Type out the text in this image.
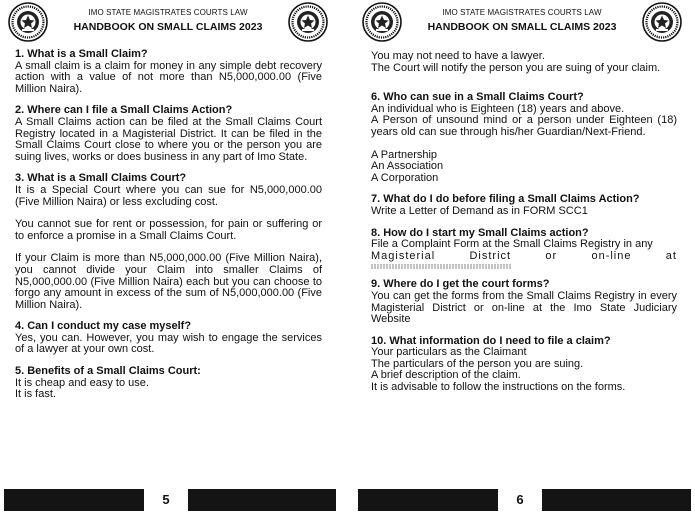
IMO STATE MAGISTRATES COURTS LAW
HANDBOOK ON SMALL CLAIMS 2023
1. What is a Small Claim?
A small claim is a claim for money in any simple debt recovery action with a value of not more than N5,000,000.00 (Five Million Naira).
2. Where can I file a Small Claims Action?
A Small Claims action can be filed at the Small Claims Court Registry located in a Magisterial District. It can be filed in the Small Claims Court close to where you or the person you are suing lives, works or does business in any part of Imo State.
3. What is a Small Claims Court?
It is a Special Court where you can sue for N5,000,000.00 (Five Million Naira) or less excluding cost.
You cannot sue for rent or possession, for pain or suffering or to enforce a promise in a Small Claims Court.
If your Claim is more than N5,000,000.00 (Five Million Naira), you cannot divide your Claim into smaller Claims of N5,000,000.00 (Five Million Naira) each but you can choose to forgo any amount in excess of the sum of N5,000,000.00 (Five Million Naira).
4. Can I conduct my case myself?
Yes, you can. However, you may wish to engage the services of a lawyer at your own cost.
5. Benefits of a Small Claims Court:
It is cheap and easy to use.
It is fast.
5
IMO STATE MAGISTRATES COURTS LAW
HANDBOOK ON SMALL CLAIMS 2023
You may not need to have a lawyer.
The Court will notify the person you are suing of your claim.
6. Who can sue in a Small Claims Court?
An individual who is Eighteen (18) years and above.
A Person of unsound mind or a person under Eighteen (18) years old can sue through his/her Guardian/Next-Friend.
A Partnership
An Association
A Corporation
7. What do I do before filing a Small Claims Action?
Write a Letter of Demand as in FORM SCC1
8. How do I start my Small Claims action?
File a Complaint Form at the Small Claims Registry in any
Magisterial	District	or	on-line	at
9. Where do I get the court forms?
You can get the forms from the Small Claims Registry in every Magisterial District or on-line at the Imo State Judiciary Website
10. What information do I need to file a claim?
Your particulars as the Claimant
The particulars of the person you are suing.
A brief description of the claim.
It is advisable to follow the instructions on the forms.
6
